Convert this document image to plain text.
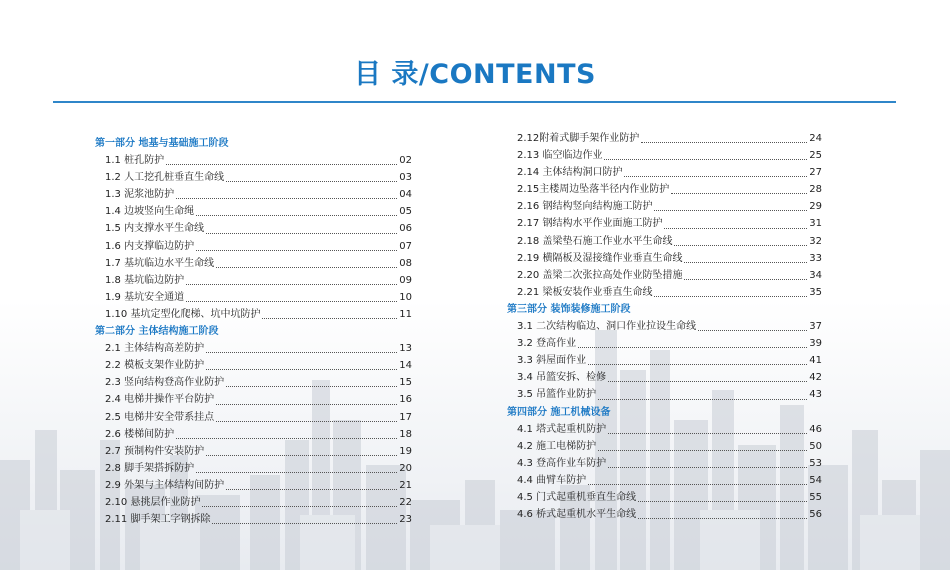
目 录/CONTENTS
第一部分 地基与基础施工阶段
1.1 桩孔防护	02
1.2 人工挖孔桩垂直生命线	03
1.3 泥浆池防护	04
1.4 边坡竖向生命绳	05
1.5 内支撑水平生命线	06
1.6 内支撑临边防护	07
1.7 基坑临边水平生命线	08
1.8 基坑临边防护	09
1.9 基坑安全通道	10
1.10 基坑定型化爬梯、坑中坑防护	11
第二部分 主体结构施工阶段
2.1 主体结构高差防护	13
2.2 模板支架作业防护	14
2.3 竖向结构登高作业防护	15
2.4 电梯井操作平台防护	16
2.5 电梯井安全带系挂点	17
2.6 楼梯间防护	18
2.7 预制构件安装防护	19
2.8 脚手架搭拆防护	20
2.9 外架与主体结构间防护	21
2.10 悬挑层作业防护	22
2.11 脚手架工字钢拆除	23
2.12附着式脚手架作业防护	24
2.13 临空临边作业	25
2.14 主体结构洞口防护	27
2.15主楼周边坠落半径内作业防护	28
2.16 钢结构竖向结构施工防护	29
2.17 钢结构水平作业面施工防护	31
2.18 盖梁垫石施工作业水平生命线	32
2.19 横隔板及湿接缝作业垂直生命线	33
2.20 盖梁二次张拉高处作业防坠措施	34
2.21 梁板安装作业垂直生命线	35
第三部分 装饰装修施工阶段
3.1 二次结构临边、洞口作业拉设生命线	37
3.2 登高作业	39
3.3 斜屋面作业	41
3.4 吊篮安拆、检修	42
3.5 吊篮作业防护	43
第四部分 施工机械设备
4.1 塔式起重机防护	46
4.2 施工电梯防护	50
4.3 登高作业车防护	53
4.4 曲臂车防护	54
4.5 门式起重机垂直生命线	55
4.6 桥式起重机水平生命线	56
